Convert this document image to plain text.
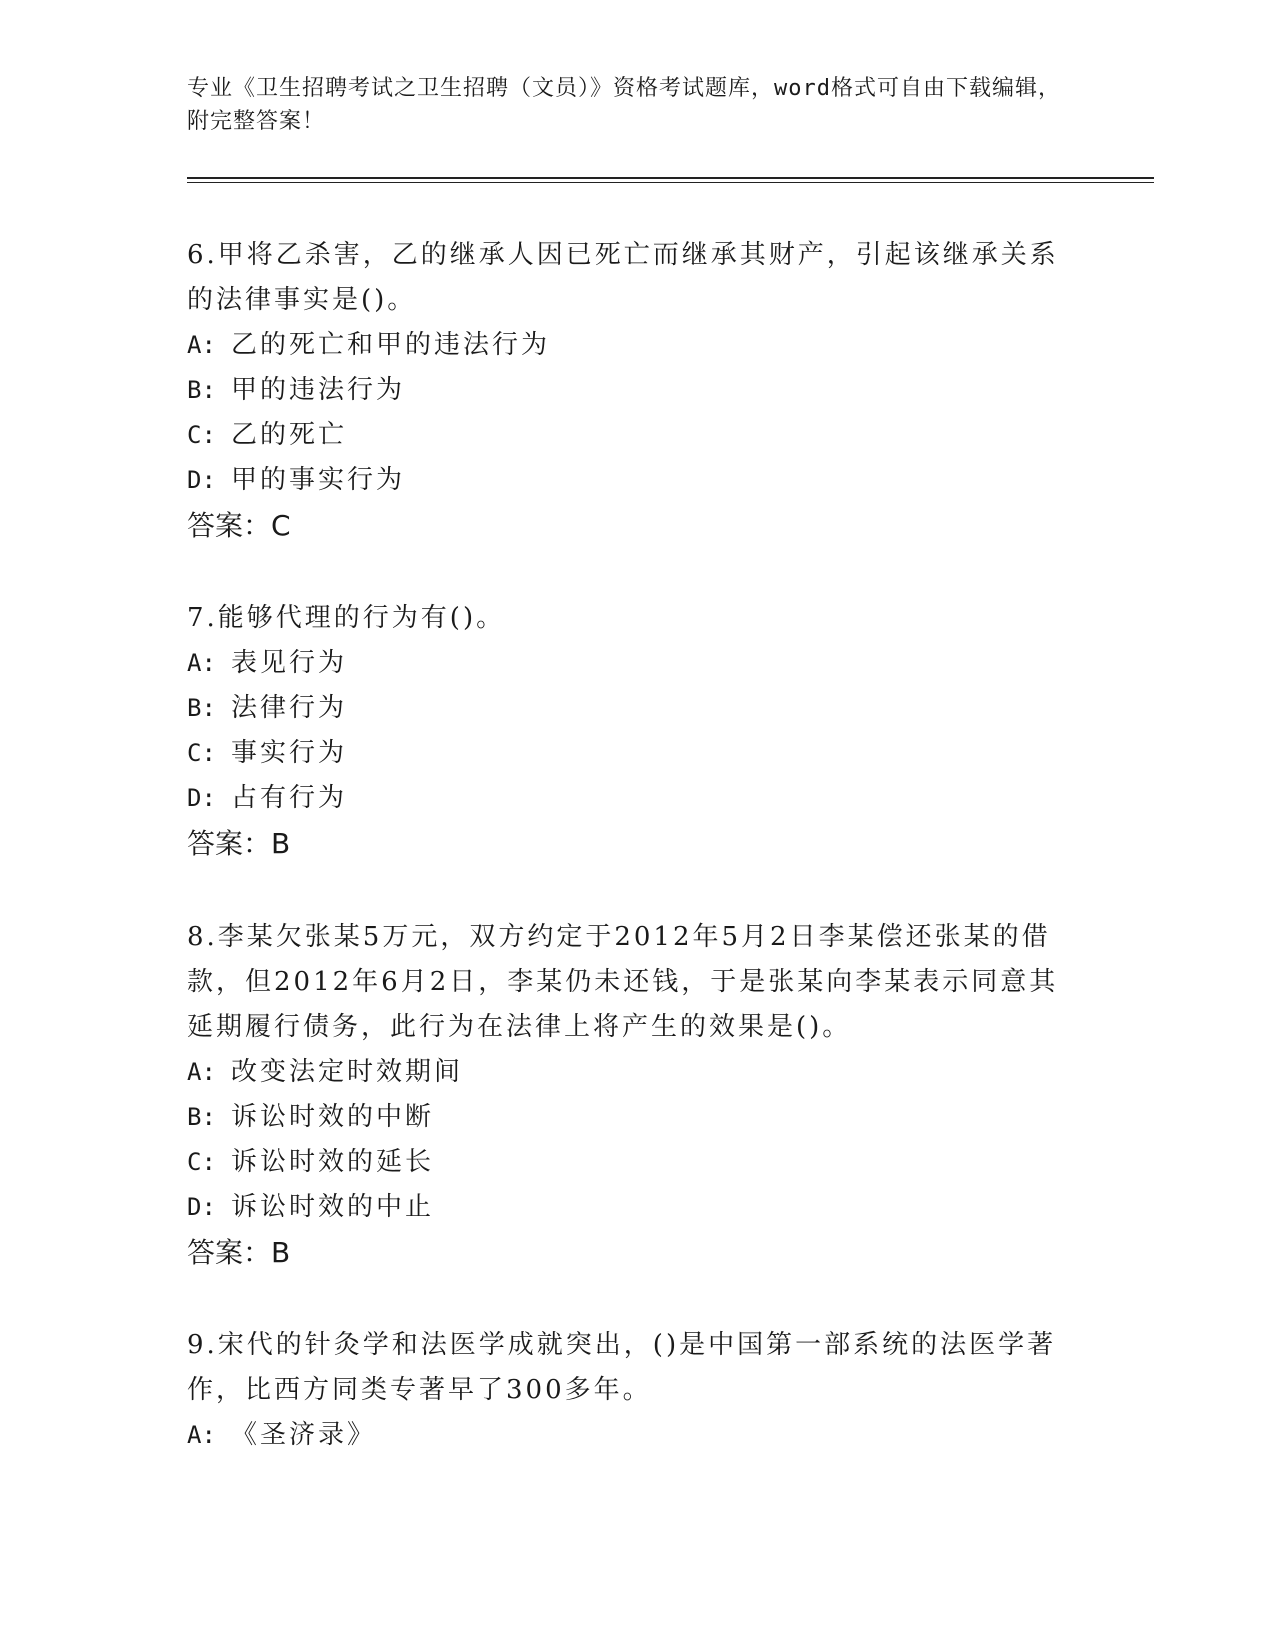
专业《卫生招聘考试之卫生招聘（文员）》资格考试题库，word格式可自由下载编辑，附完整答案！

6.甲将乙杀害，乙的继承人因已死亡而继承其财产，引起该继承关系的法律事实是()。

A: 乙的死亡和甲的违法行为

B: 甲的违法行为

C: 乙的死亡

D: 甲的事实行为

答案：C

7.能够代理的行为有()。

A: 表见行为

B: 法律行为

C: 事实行为

D: 占有行为

答案：B

8.李某欠张某5万元，双方约定于2012年5月2日李某偿还张某的借款，但2012年6月2日，李某仍未还钱，于是张某向李某表示同意其延期履行债务，此行为在法律上将产生的效果是()。

A: 改变法定时效期间

B: 诉讼时效的中断

C: 诉讼时效的延长

D: 诉讼时效的中止

答案：B

9.宋代的针灸学和法医学成就突出，()是中国第一部系统的法医学著作，比西方同类专著早了300多年。

A: 《圣济录》
